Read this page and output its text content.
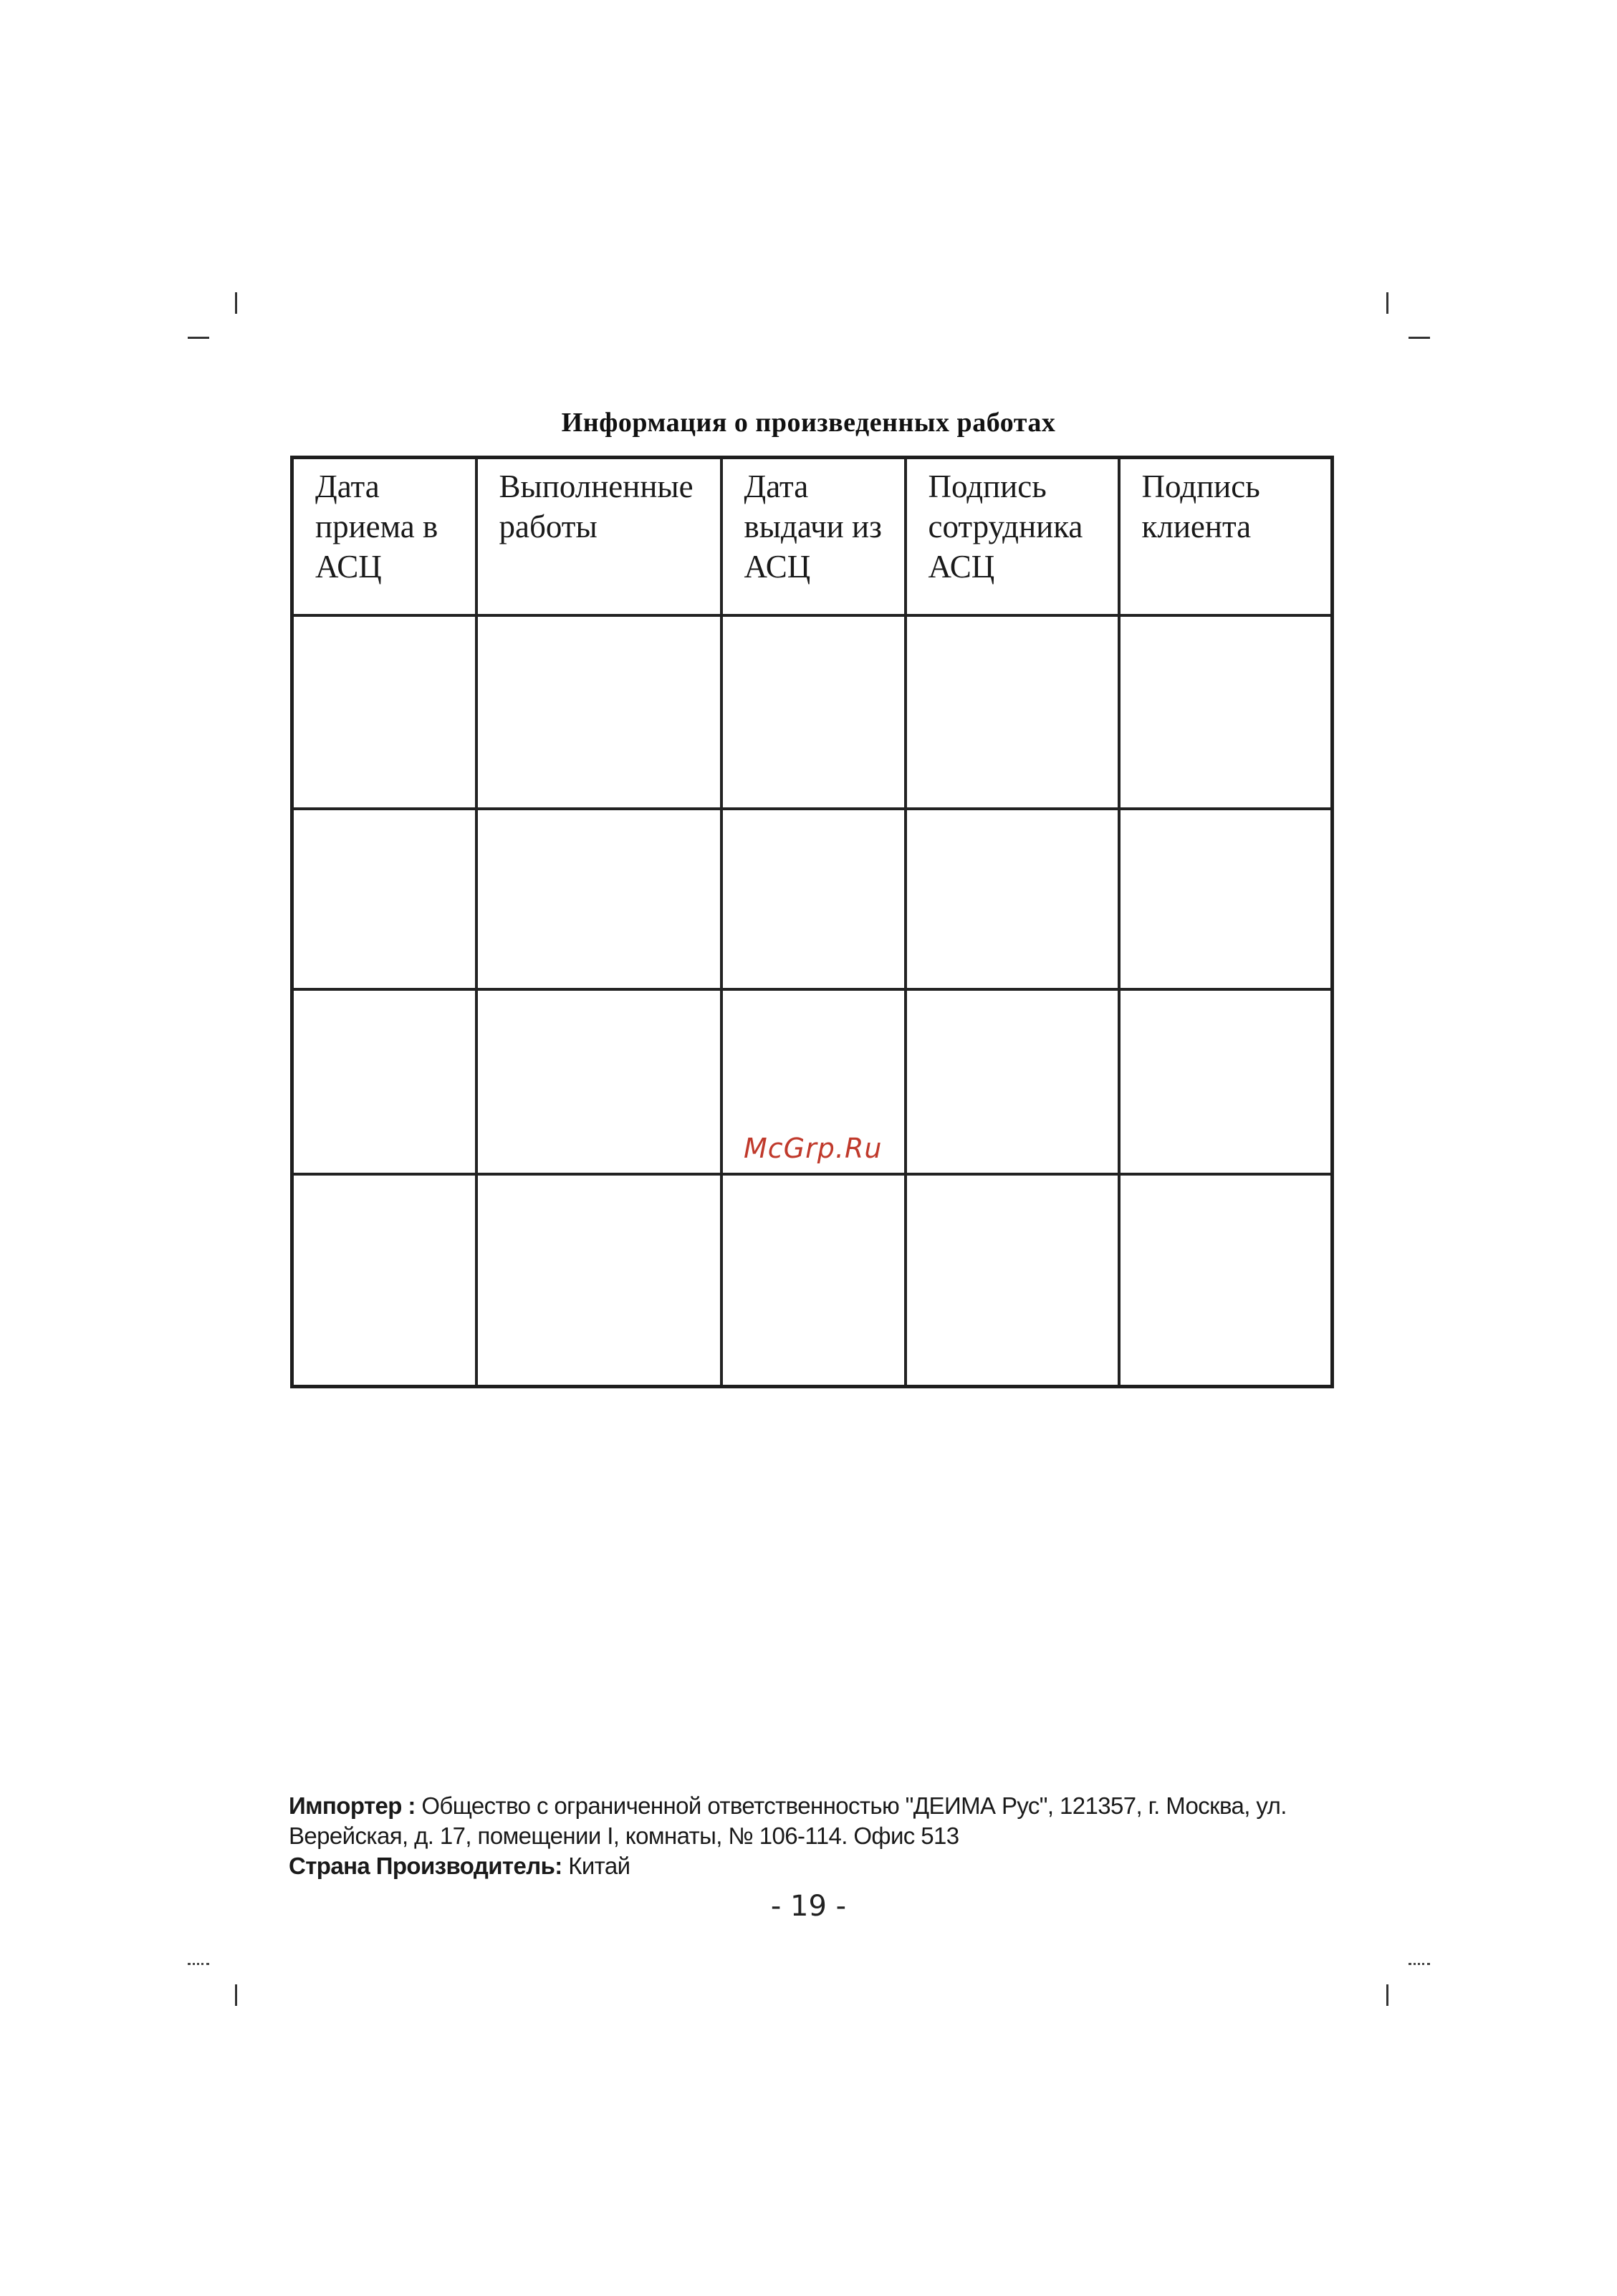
Информация о произведенных работах
Дата
приема в
АСЦ	Выполненные
работы	Дата
выдачи из
АСЦ	Подпись
сотрудника
АСЦ	Подпись
клиента

McGrp.Ru
Импортер : Общество с ограниченной ответственностью "ДЕИМА Рус", 121357, г. Москва, ул.
Верейская, д. 17, помещении I, комнаты, № 106-114. Офис 513
Страна Производитель: Китай
- 19 -
